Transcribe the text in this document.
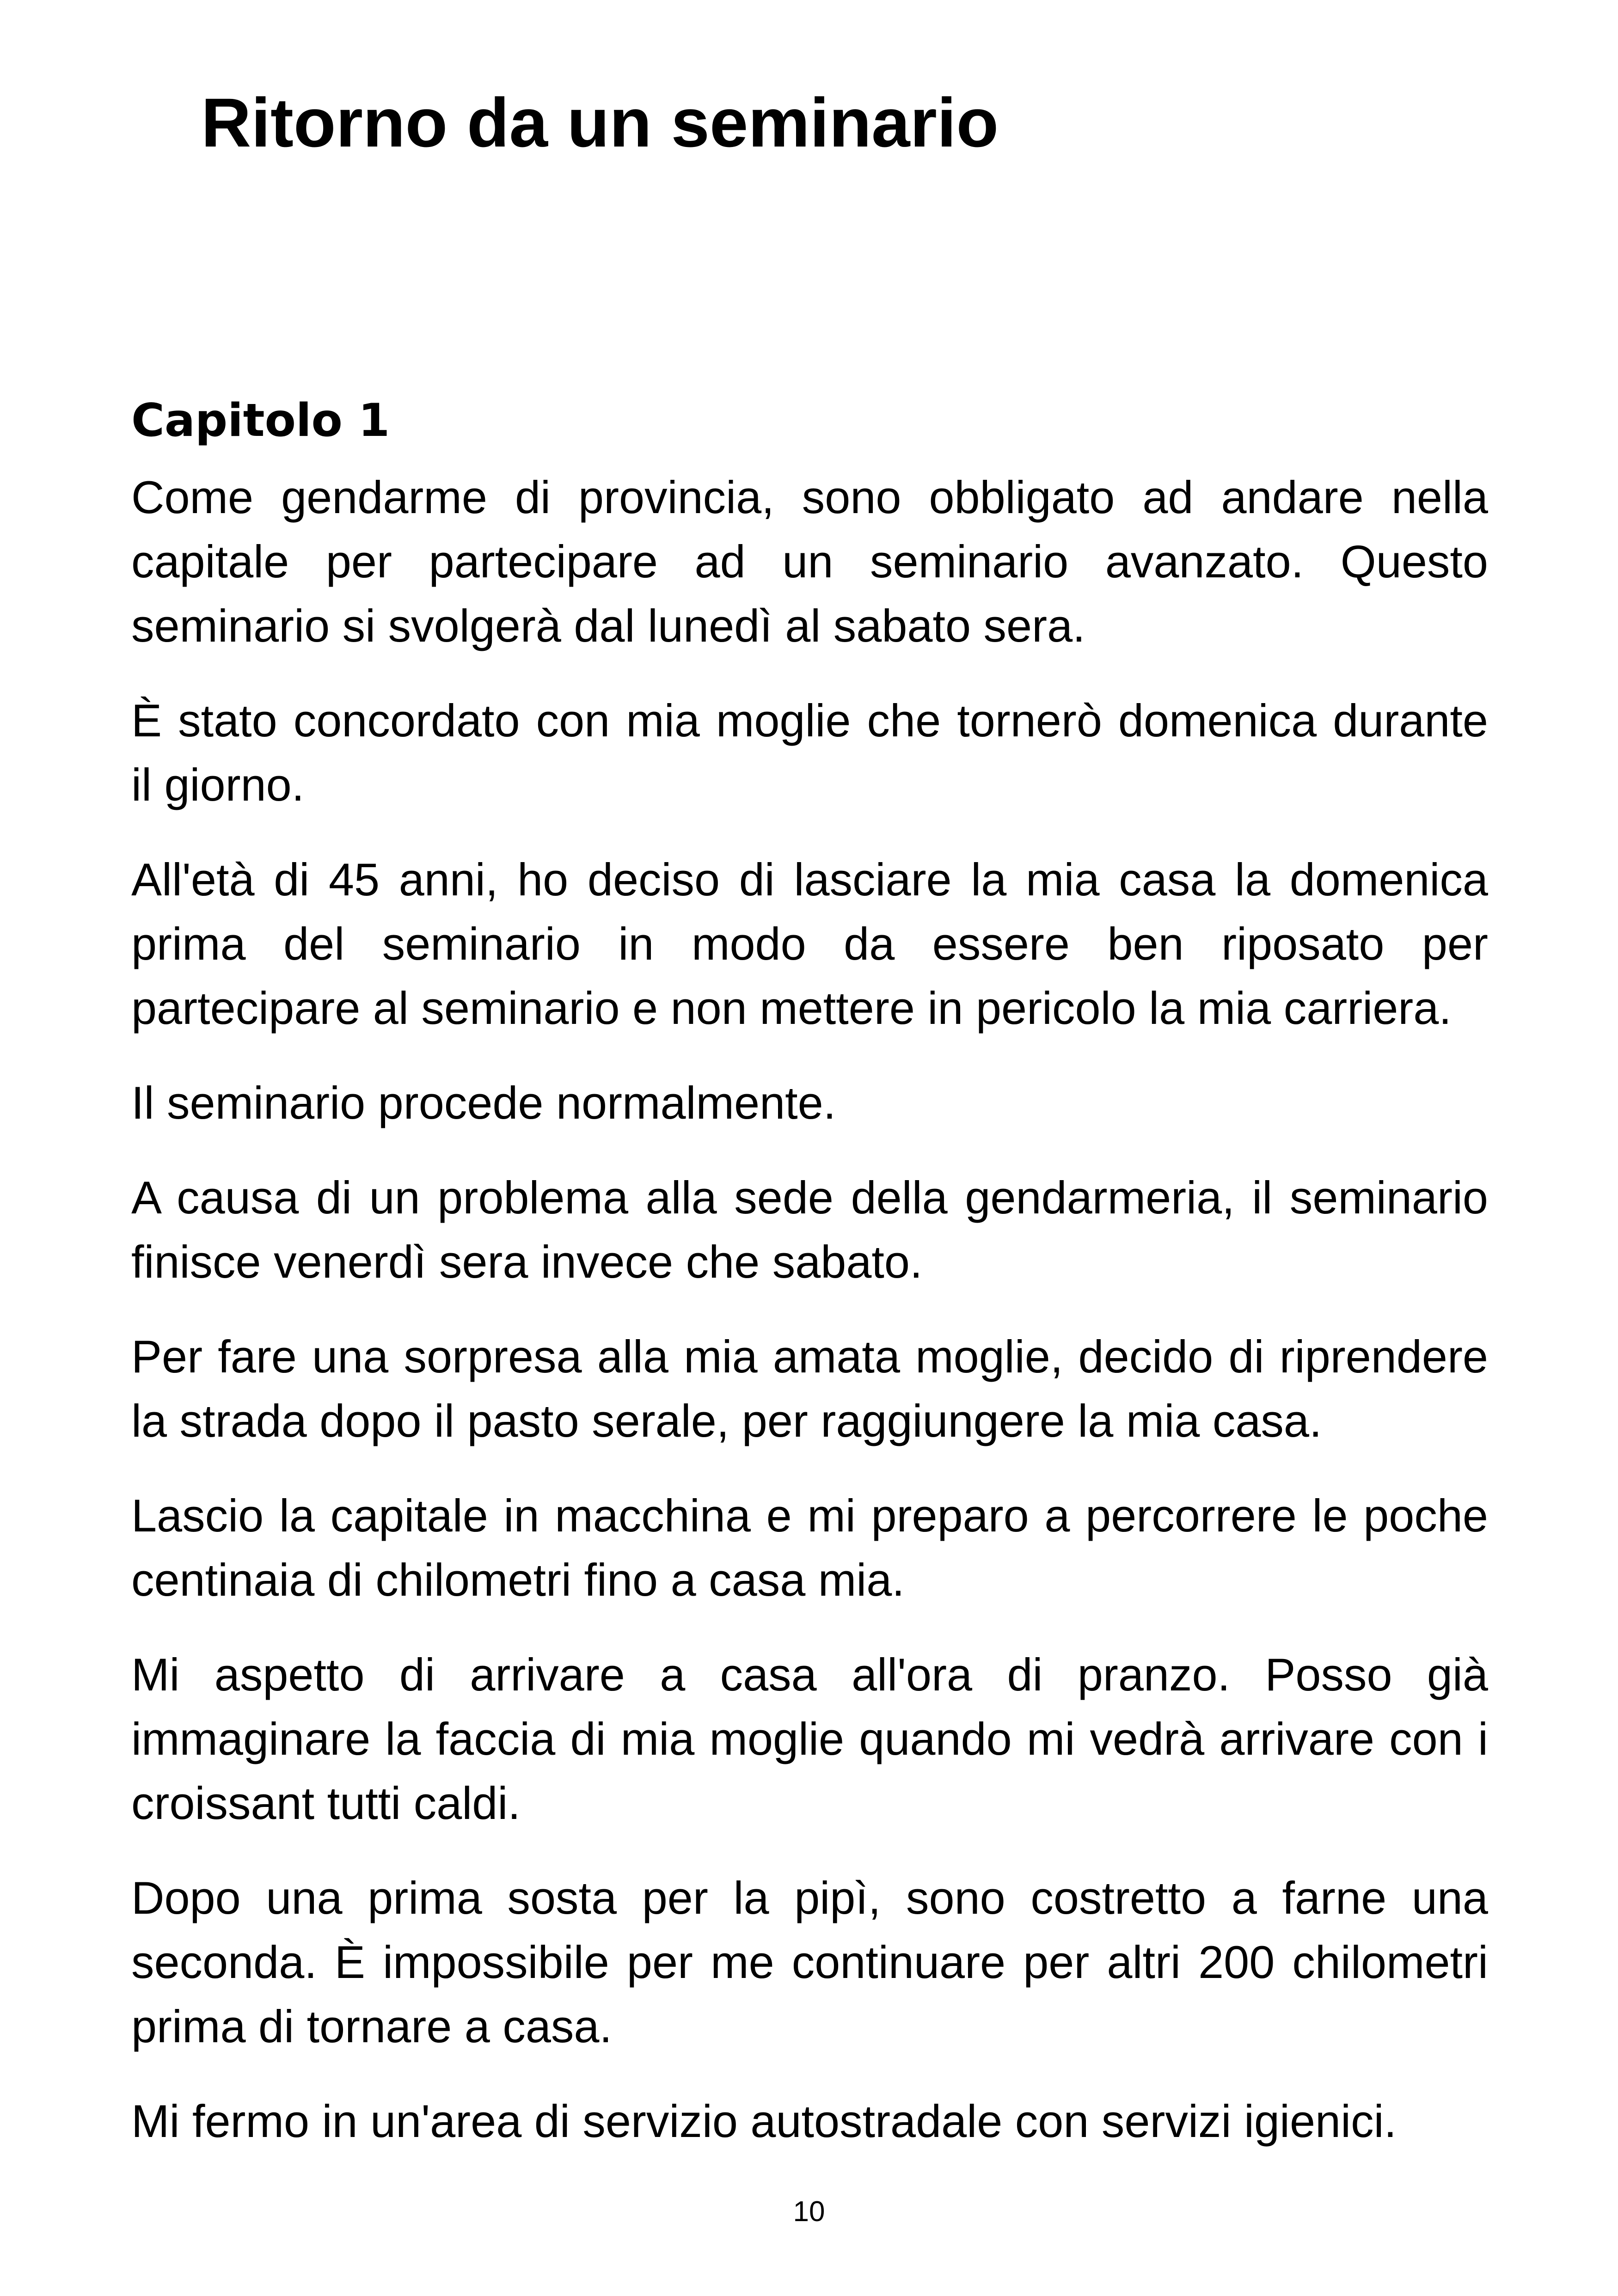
Ritorno da un seminario
Capitolo 1

Come gendarme di provincia, sono obbligato ad andare nella capitale per partecipare ad un seminario avanzato. Questo seminario si svolgerà dal lunedì al sabato sera.

È stato concordato con mia moglie che tornerò domenica durante il giorno.

All'età di 45 anni, ho deciso di lasciare la mia casa la domenica prima del seminario in modo da essere ben riposato per partecipare al seminario e non mettere in pericolo la mia carriera.

Il seminario procede normalmente.

A causa di un problema alla sede della gendarmeria, il seminario finisce venerdì sera invece che sabato.

Per fare una sorpresa alla mia amata moglie, decido di riprendere la strada dopo il pasto serale, per raggiungere la mia casa.

Lascio la capitale in macchina e mi preparo a percorrere le poche centinaia di chilometri fino a casa mia.

Mi aspetto di arrivare a casa all'ora di pranzo. Posso già immaginare la faccia di mia moglie quando mi vedrà arrivare con i croissant tutti caldi.

Dopo una prima sosta per la pipì, sono costretto a farne una seconda. È impossibile per me continuare per altri 200 chilometri prima di tornare a casa.

Mi fermo in un'area di servizio autostradale con servizi igienici.

10
